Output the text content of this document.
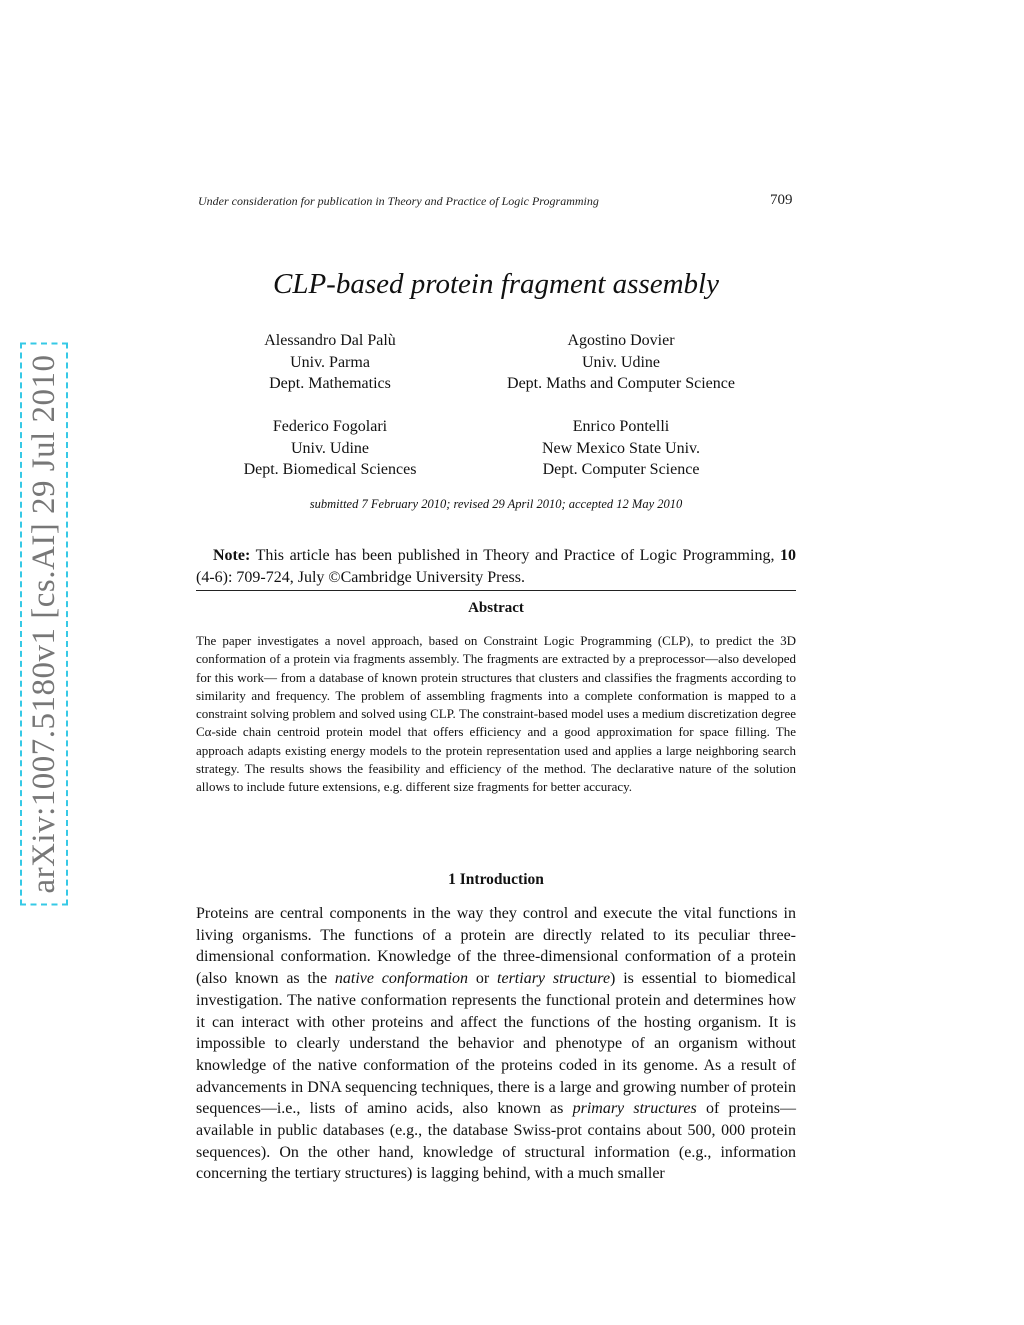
arXiv:1007.5180v1 [cs.AI] 29 Jul 2010
Under consideration for publication in Theory and Practice of Logic Programming	709
CLP-based protein fragment assembly
Alessandro Dal Palù
Univ. Parma
Dept. Mathematics
Agostino Dovier
Univ. Udine
Dept. Maths and Computer Science
Federico Fogolari
Univ. Udine
Dept. Biomedical Sciences
Enrico Pontelli
New Mexico State Univ.
Dept. Computer Science
submitted 7 February 2010; revised 29 April 2010; accepted 12 May 2010

Note: This article has been published in Theory and Practice of Logic Programming, 10 (4-6): 709-724, July ©Cambridge University Press.

Abstract

The paper investigates a novel approach, based on Constraint Logic Programming (CLP), to predict the 3D conformation of a protein via fragments assembly. The fragments are extracted by a preprocessor—also developed for this work— from a database of known protein structures that clusters and classifies the fragments according to similarity and frequency. The problem of assembling fragments into a complete conformation is mapped to a constraint solving problem and solved using CLP. The constraint-based model uses a medium discretization degree Cα-side chain centroid protein model that offers efficiency and a good approximation for space filling. The approach adapts existing energy models to the protein representation used and applies a large neighboring search strategy. The results shows the feasibility and efficiency of the method. The declarative nature of the solution allows to include future extensions, e.g. different size fragments for better accuracy.

1 Introduction

Proteins are central components in the way they control and execute the vital functions in living organisms. The functions of a protein are directly related to its peculiar three-dimensional conformation. Knowledge of the three-dimensional conformation of a protein (also known as the native conformation or tertiary structure) is essential to biomedical investigation. The native conformation represents the functional protein and determines how it can interact with other proteins and affect the functions of the hosting organism. It is impossible to clearly understand the behavior and phenotype of an organism without knowledge of the native conformation of the proteins coded in its genome. As a result of advancements in DNA sequencing techniques, there is a large and growing number of protein sequences—i.e., lists of amino acids, also known as primary structures of proteins—available in public databases (e.g., the database Swiss-prot contains about 500, 000 protein sequences). On the other hand, knowledge of structural information (e.g., information concerning the tertiary structures) is lagging behind, with a much smaller
